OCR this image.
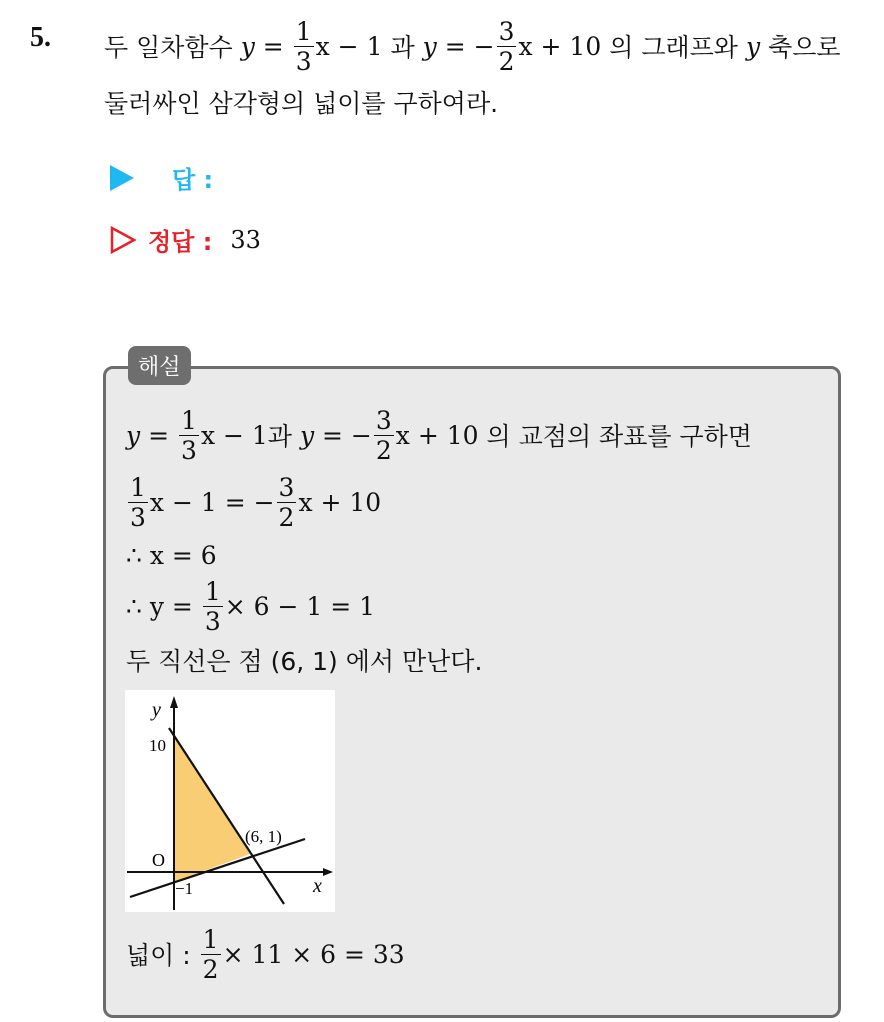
5. 두 일차함수 $y = \frac{1}{3}$ x − 1 과 y = − $\frac{3}{2}$ x + 10 의 그래프와 y 축으로
둘러싸인 삼각형의 넓이를 구하여라.
답 :
정답 : 33
해설
$y = \frac{1}{3}$ x − 1 과 y = − $\frac{3}{2}$ x + 10 의 교점의 좌표를 구하면
$\frac{1}{3}$ x − 1 = − $\frac{3}{2}$ x + 10
∴ x = 6
∴ $y = \frac{1}{3} \times 6 - 1 = 1$
두 직선은 점 (6, 1) 에서 만난다.
y
x
O
10
−1
(6, 1)
넓이 : $\frac{1}{2} \times 11 \times 6 = 33$
